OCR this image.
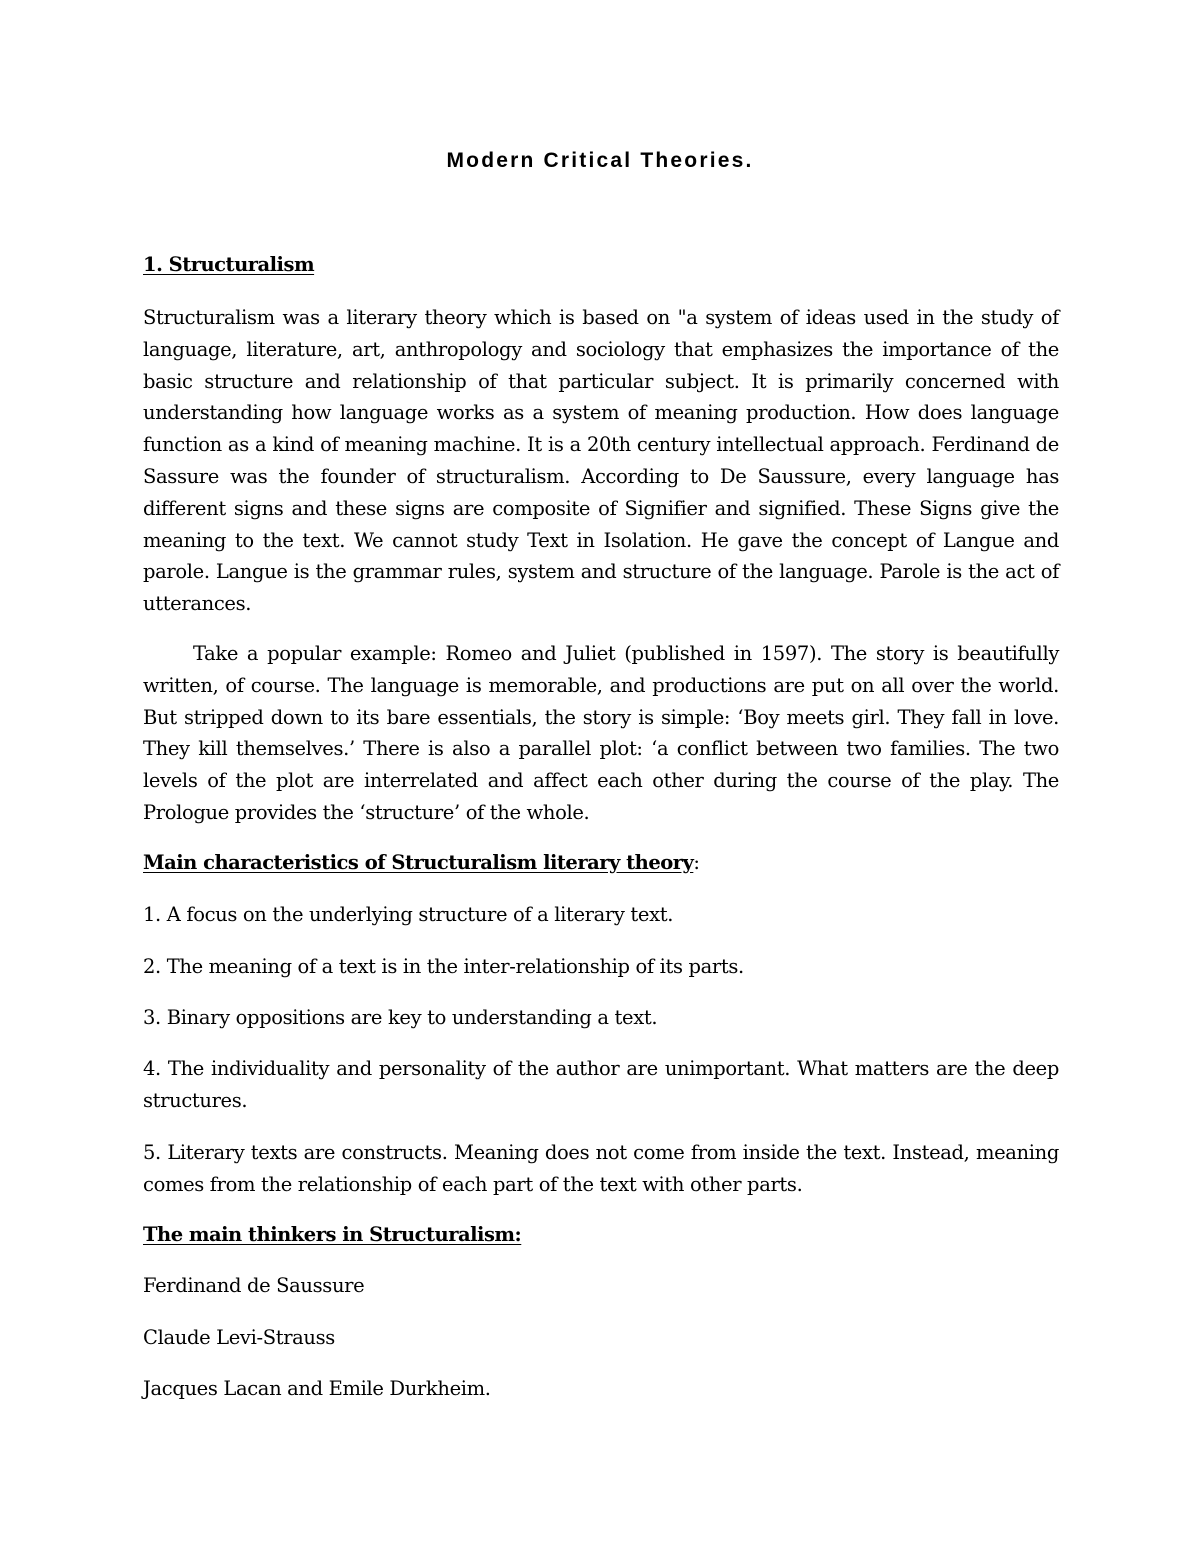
Modern Critical Theories.
1. Structuralism
Structuralism was a literary theory which is based on "a system of ideas used in the study of language, literature, art, anthropology and sociology that emphasizes the importance of the basic structure and relationship of that particular subject. It is primarily concerned with understanding how language works as a system of meaning production. How does language function as a kind of meaning machine. It is a 20th century intellectual approach. Ferdinand de Sassure was the founder of structuralism. According to De Saussure, every language has different signs and these signs are composite of Signifier and signified. These Signs give the meaning to the text. We cannot study Text in Isolation. He gave the concept of Langue and parole. Langue is the grammar rules, system and structure of the language. Parole is the act of utterances.
Take a popular example: Romeo and Juliet (published in 1597). The story is beautifully written, of course. The language is memorable, and productions are put on all over the world. But stripped down to its bare essentials, the story is simple: ‘Boy meets girl. They fall in love. They kill themselves.’ There is also a parallel plot: ‘a conflict between two families. The two levels of the plot are interrelated and affect each other during the course of the play. The Prologue provides the ‘structure’ of the whole.
Main characteristics of Structuralism literary theory:
1. A focus on the underlying structure of a literary text.
2. The meaning of a text is in the inter-relationship of its parts.
3. Binary oppositions are key to understanding a text.
4. The individuality and personality of the author are unimportant. What matters are the deep structures.
5. Literary texts are constructs. Meaning does not come from inside the text. Instead, meaning comes from the relationship of each part of the text with other parts.
The main thinkers in Structuralism:
Ferdinand de Saussure
Claude Levi-Strauss
Jacques Lacan and Emile Durkheim.
